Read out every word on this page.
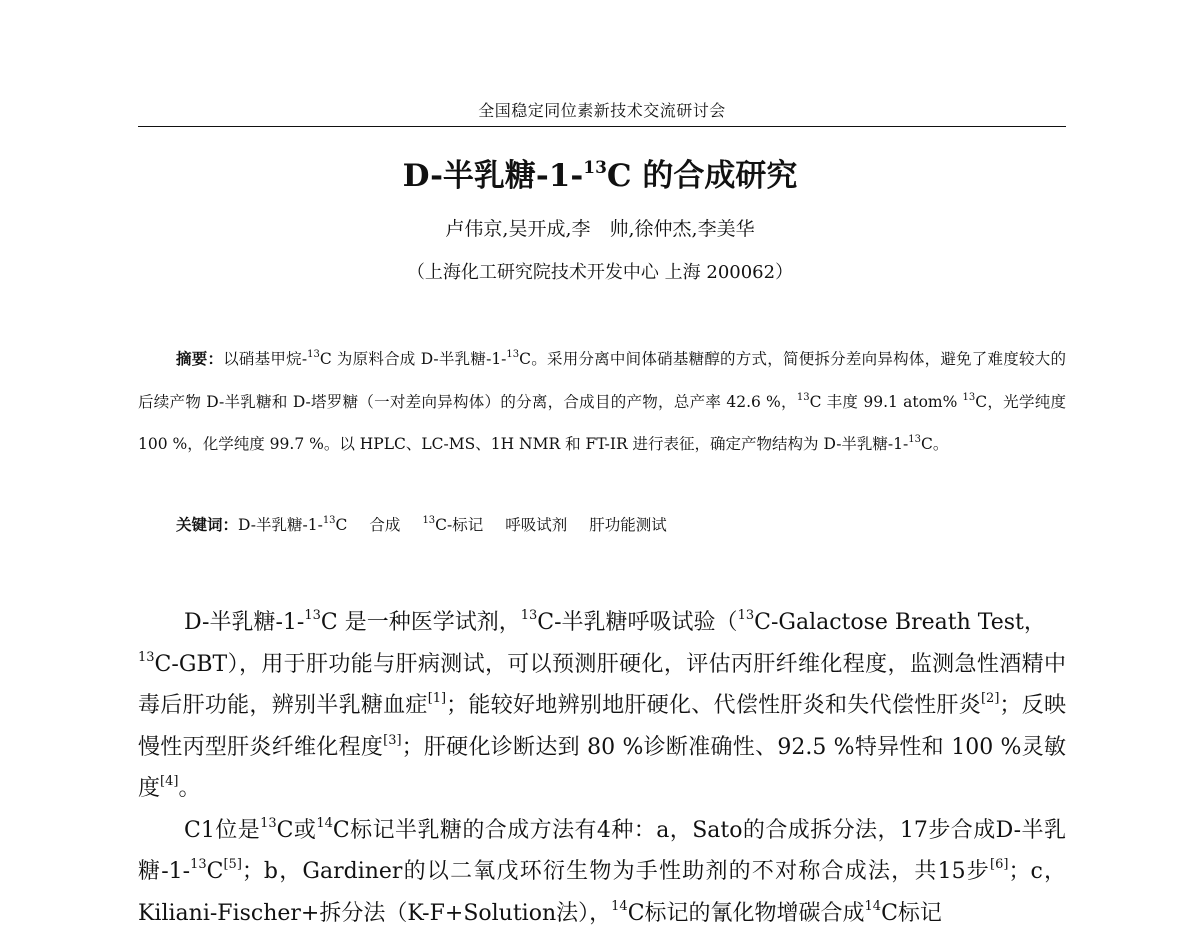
全国稳定同位素新技术交流研讨会
D-半乳糖-1-$^{13}$C 的合成研究
卢伟京,吴开成,李　帅,徐仲杰,李美华
（上海化工研究院技术开发中心 上海 200062）

摘要：以硝基甲烷-$^{13}$C 为原料合成 D-半乳糖-1-$^{13}$C。采用分离中间体硝基糖醇的方式，简便拆分差向异构体，避免了难度较大的后续产物 D-半乳糖和 D-塔罗糖（一对差向异构体）的分离，合成目的产物，总产率 42.6 %，$^{13}$C 丰度 99.1 atom% $^{13}$C，光学纯度 100 %，化学纯度 99.7 %。以 HPLC、LC-MS、1H NMR 和 FT-IR 进行表征，确定产物结构为 D-半乳糖-1-$^{13}$C。

关键词：D-半乳糖-1-$^{13}$C 合成 $^{13}$C-标记 呼吸试剂 肝功能测试

D-半乳糖-1-$^{13}$C 是一种医学试剂，$^{13}$C-半乳糖呼吸试验（$^{13}$C-Galactose Breath Test，
$^{13}$C-GBT），用于肝功能与肝病测试，可以预测肝硬化，评估丙肝纤维化程度，监测急性酒精中毒后肝功能，辨别半乳糖血症[1]；能较好地辨别地肝硬化、代偿性肝炎和失代偿性肝炎[2]；反映慢性丙型肝炎纤维化程度[3]；肝硬化诊断达到 80 %诊断准确性、92.5 %特异性和 100 %灵敏度[4]。

C1位是$^{13}$C或$^{14}$C标记半乳糖的合成方法有4种：a，Sato的合成拆分法，17步合成D-半乳糖-1-$^{13}$C[5]；b，Gardiner的以二氧戊环衍生物为手性助剂的不对称合成法，共15步[6]；c，Kiliani-Fischer+拆分法（K-F+Solution法），$^{14}$C标记的氰化物增碳合成$^{14}$C标记
